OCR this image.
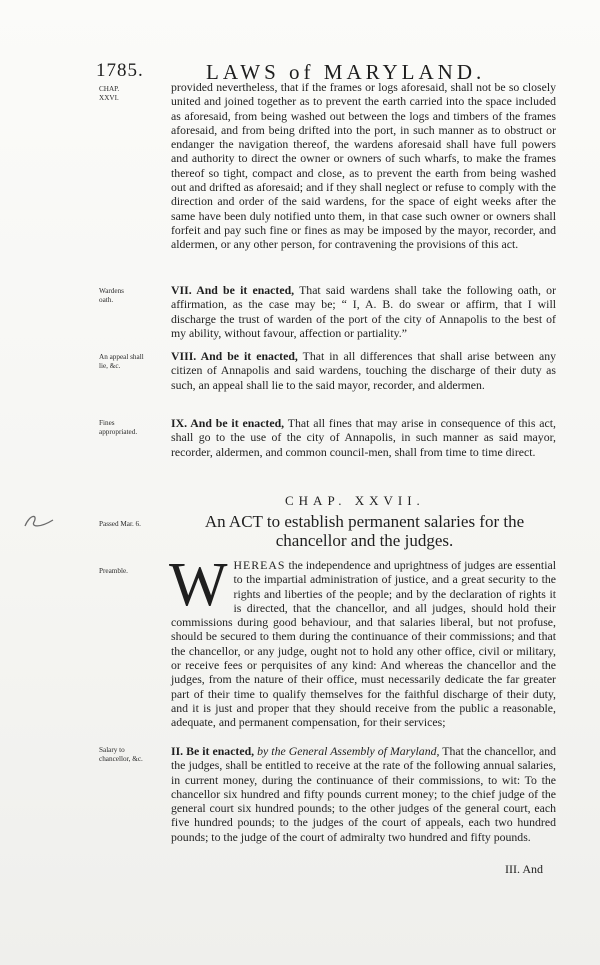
1785.	LAWS of MARYLAND.
CHAP. XXVI.

provided nevertheless, that if the frames or logs aforesaid, shall not be so closely united and joined together as to prevent the earth carried into the space included as aforesaid, from being washed out between the logs and timbers of the frames aforesaid, and from being drifted into the port, in such manner as to obstruct or endanger the navigation thereof, the wardens aforesaid shall have full powers and authority to direct the owner or owners of such wharfs, to make the frames thereof so tight, compact and close, as to prevent the earth from being washed out and drifted as aforesaid; and if they shall neglect or refuse to comply with the direction and order of the said wardens, for the space of eight weeks after the same have been duly notified unto them, in that case such owner or owners shall forfeit and pay such fine or fines as may be imposed by the mayor, recorder, and aldermen, or any other person, for contravening the provisions of this act.

Wardens oath.

VII. And be it enacted, That said wardens shall take the following oath, or affirmation, as the case may be; “ I, A. B. do swear or affirm, that I will discharge the trust of warden of the port of the city of Annapolis to the best of my ability, without favour, affection or partiality.”

An appeal shall lie, &c.

VIII. And be it enacted, That in all differences that shall arise between any citizen of Annapolis and said wardens, touching the discharge of their duty as such, an appeal shall lie to the said mayor, recorder, and aldermen.

Fines appropriated.

IX. And be it enacted, That all fines that may arise in consequence of this act, shall go to the use of the city of Annapolis, in such manner as said mayor, recorder, aldermen, and common council-men, shall from time to time direct.

CHAP. XXVII.
Passed Mar. 6.	An ACT to establish permanent salaries for the chancellor and the judges.
Preamble. WHEREAS the independence and uprightness of judges are essential to the impartial administration of justice, and a great security to the rights and liberties of the people; and by the declaration of rights it is directed, that the chancellor, and all judges, should hold their commissions during good behaviour, and that salaries liberal, but not profuse, should be secured to them during the continuance of their commissions; and that the chancellor, or any judge, ought not to hold any other office, civil or military, or receive fees or perquisites of any kind: And whereas the chancellor and the judges, from the nature of their office, must necessarily dedicate the far greater part of their time to qualify themselves for the faithful discharge of their duty, and it is just and proper that they should receive from the public a reasonable, adequate, and permanent compensation, for their services;

Salary to chancellor, &c.

II. Be it enacted, by the General Assembly of Maryland, That the chancellor, and the judges, shall be entitled to receive at the rate of the following annual salaries, in current money, during the continuance of their commissions, to wit: To the chancellor six hundred and fifty pounds current money; to the chief judge of the general court six hundred pounds; to the other judges of the general court, each five hundred pounds; to the judges of the court of appeals, each two hundred pounds; to the judge of the court of admiralty two hundred and fifty pounds.

III. And
